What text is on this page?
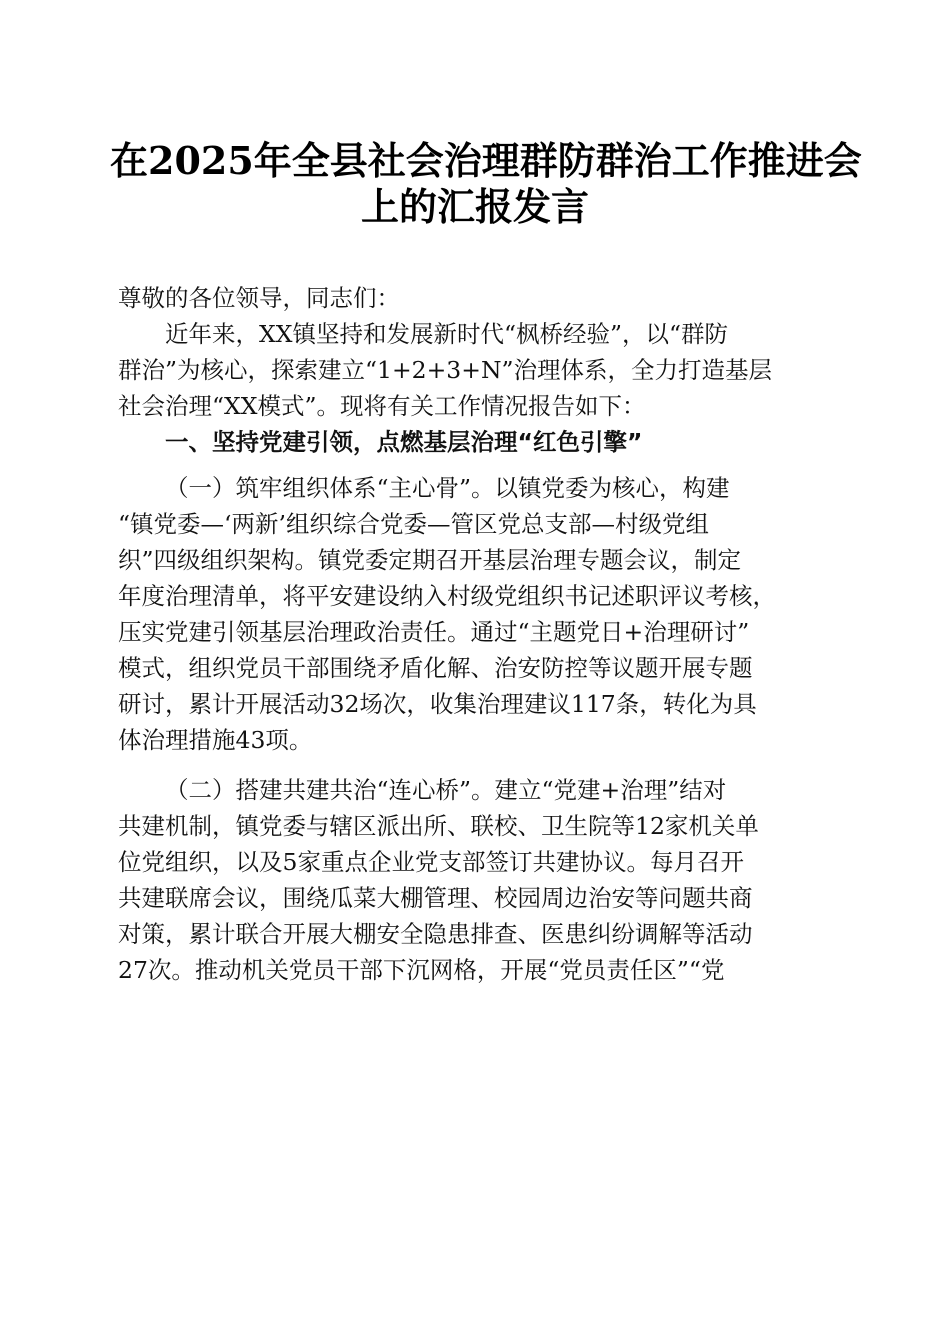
在2025年全县社会治理群防群治工作推进会
上的汇报发言

尊敬的各位领导，同志们：

近年来，XX镇坚持和发展新时代“枫桥经验”，以“群防

群治”为核心，探索建立“1+2+3+N”治理体系，全力打造基层

社会治理“XX模式”。现将有关工作情况报告如下：

一、坚持党建引领，点燃基层治理“红色引擎”

（一）筑牢组织体系“主心骨”。以镇党委为核心，构建

“镇党委—‘两新’组织综合党委—管区党总支部—村级党组

织”四级组织架构。镇党委定期召开基层治理专题会议，制定

年度治理清单，将平安建设纳入村级党组织书记述职评议考核，

压实党建引领基层治理政治责任。通过“主题党日+治理研讨”

模式，组织党员干部围绕矛盾化解、治安防控等议题开展专题

研讨，累计开展活动32场次，收集治理建议117条，转化为具

体治理措施43项。

（二）搭建共建共治“连心桥”。建立“党建+治理”结对

共建机制，镇党委与辖区派出所、联校、卫生院等12家机关单

位党组织，以及5家重点企业党支部签订共建协议。每月召开

共建联席会议，围绕瓜菜大棚管理、校园周边治安等问题共商

对策，累计联合开展大棚安全隐患排查、医患纠纷调解等活动

27次。推动机关党员干部下沉网格，开展“党员责任区”“党
